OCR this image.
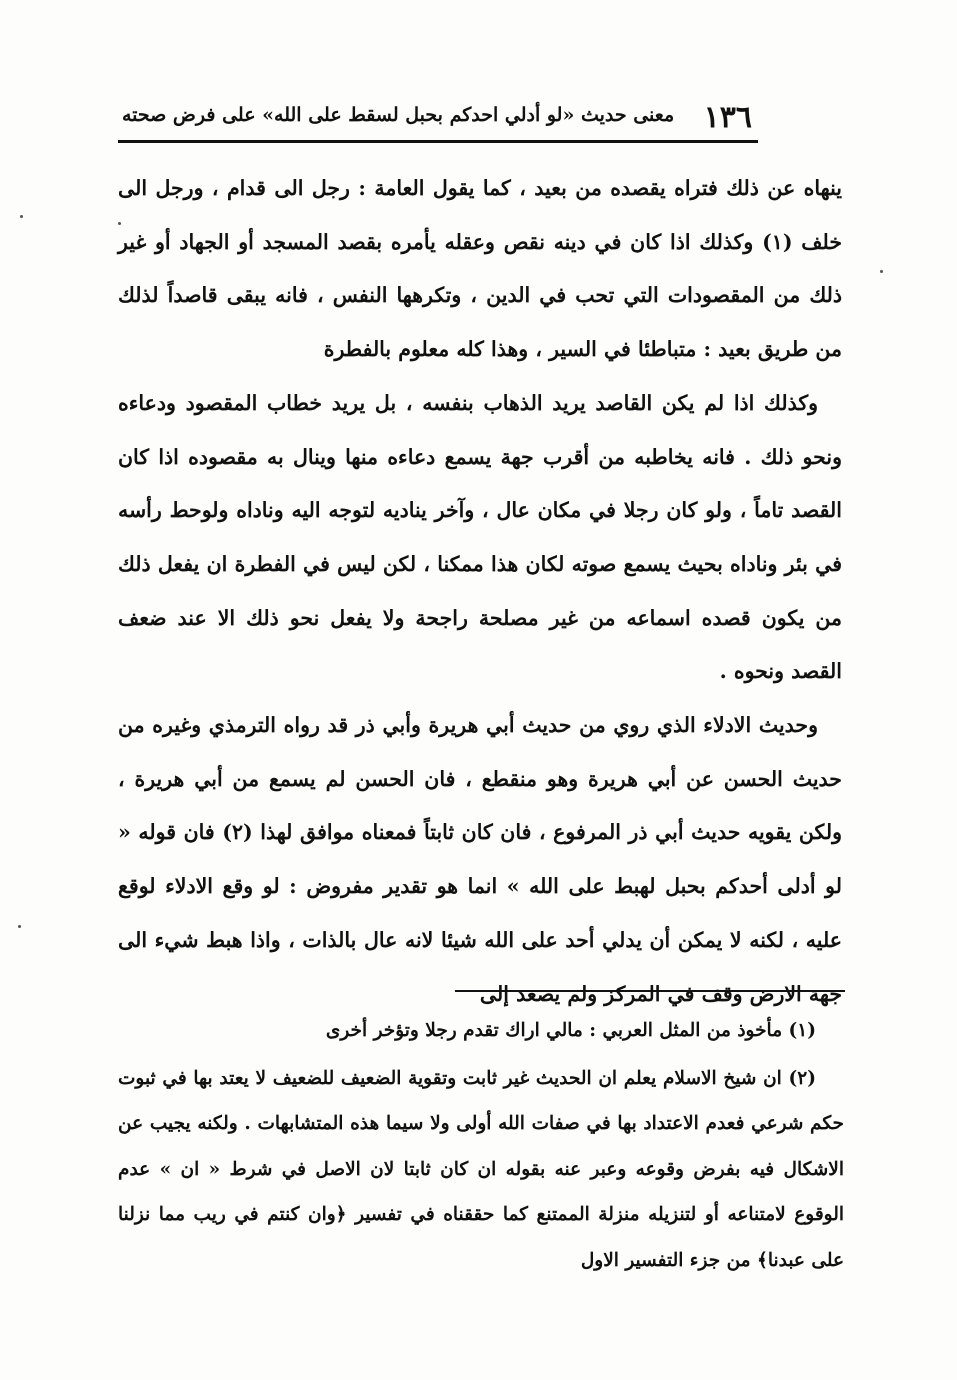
١٣٦
معنى حديث «لو أدلي احدكم بحبل لسقط على الله» على فرض صحته

ينهاه عن ذلك فتراه يقصده من بعيد ، كما يقول العامة : رجل الى قدام ، ورجل الى خلف (١) وكذلك اذا كان في دينه نقص وعقله يأمره بقصد المسجد أو الجهاد أو غير ذلك من المقصودات التي تحب في الدين ، وتكرهها النفس ، فانه يبقى قاصداً لذلك من طريق بعيد : متباطئا في السير ، وهذا كله معلوم بالفطرة

وكذلك اذا لم يكن القاصد يريد الذهاب بنفسه ، بل يريد خطاب المقصود ودعاءه ونحو ذلك . فانه يخاطبه من أقرب جهة يسمع دعاءه منها وينال به مقصوده اذا كان القصد تاماً ، ولو كان رجلا في مكان عال ، وآخر يناديه لتوجه اليه وناداه ولوحط رأسه في بئر وناداه بحيث يسمع صوته لكان هذا ممكنا ، لكن ليس في الفطرة ان يفعل ذلك من يكون قصده اسماعه من غير مصلحة راجحة ولا يفعل نحو ذلك الا عند ضعف القصد ونحوه .

وحديث الادلاء الذي روي من حديث أبي هريرة وأبي ذر قد رواه الترمذي وغيره من حديث الحسن عن أبي هريرة وهو منقطع ، فان الحسن لم يسمع من أبي هريرة ، ولكن يقويه حديث أبي ذر المرفوع ، فان كان ثابتاً فمعناه موافق لهذا (٢) فان قوله « لو أدلى أحدكم بحبل لهبط على الله » انما هو تقدير مفروض : لو وقع الادلاء لوقع عليه ، لكنه لا يمكن أن يدلي أحد على الله شيئا لانه عال بالذات ، واذا هبط شيء الى جهة الارض وقف في المركز ولم يصعد إلى

(١) مأخوذ من المثل العربي : مالي اراك تقدم رجلا وتؤخر أخرى

(٢) ان شيخ الاسلام يعلم ان الحديث غير ثابت وتقوية الضعيف للضعيف لا يعتد بها في ثبوت حكم شرعي فعدم الاعتداد بها في صفات الله أولى ولا سيما هذه المتشابهات . ولكنه يجيب عن الاشكال فيه بفرض وقوعه وعبر عنه بقوله ان كان ثابتا لان الاصل في شرط « ان » عدم الوقوع لامتناعه أو لتنزيله منزلة الممتنع كما حققناه في تفسير ﴿وان كنتم في ريب مما نزلنا على عبدنا﴾ من جزء التفسير الاول
